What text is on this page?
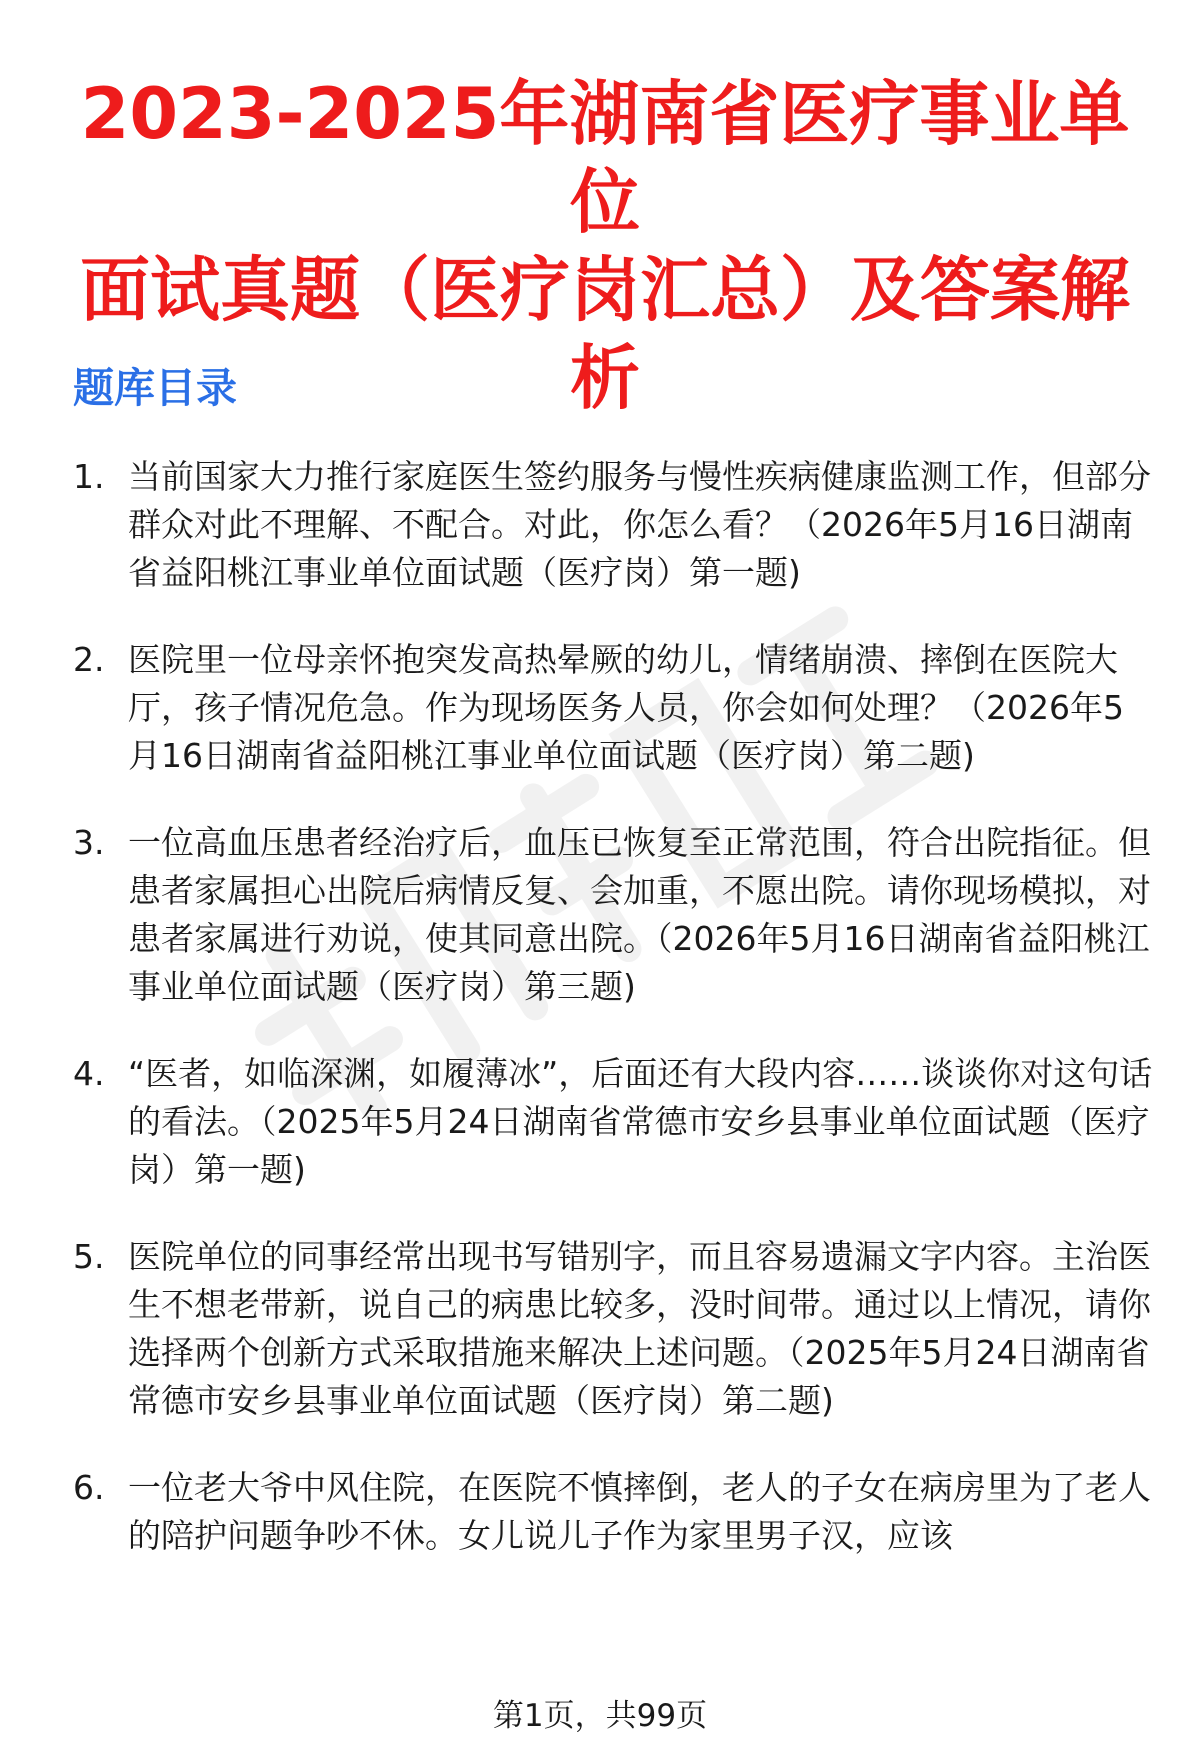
2023-2025年湖南省医疗事业单位
面试真题（医疗岗汇总）及答案解
析
题库目录
1. 当前国家大力推行家庭医生签约服务与慢性疾病健康监测工作，但部分群众对此不理解、不配合。对此，你怎么看？（2026年5月16日湖南省益阳桃江事业单位面试题（医疗岗）第一题)
2. 医院里一位母亲怀抱突发高热晕厥的幼儿，情绪崩溃、摔倒在医院大厅，孩子情况危急。作为现场医务人员，你会如何处理？（2026年5月16日湖南省益阳桃江事业单位面试题（医疗岗）第二题)
3. 一位高血压患者经治疗后，血压已恢复至正常范围，符合出院指征。但患者家属担心出院后病情反复、会加重，不愿出院。请你现场模拟，对患者家属进行劝说，使其同意出院。（2026年5月16日湖南省益阳桃江事业单位面试题（医疗岗）第三题)
4. “医者，如临深渊，如履薄冰”，后面还有大段内容……谈谈你对这句话的看法。（2025年5月24日湖南省常德市安乡县事业单位面试题（医疗岗）第一题)
5. 医院单位的同事经常出现书写错别字，而且容易遗漏文字内容。主治医生不想老带新，说自己的病患比较多，没时间带。通过以上情况，请你选择两个创新方式采取措施来解决上述问题。（2025年5月24日湖南省常德市安乡县事业单位面试题（医疗岗）第二题)
6. 一位老大爷中风住院，在医院不慎摔倒，老人的子女在病房里为了老人的陪护问题争吵不休。女儿说儿子作为家里男子汉，应该
第1页，共99页
